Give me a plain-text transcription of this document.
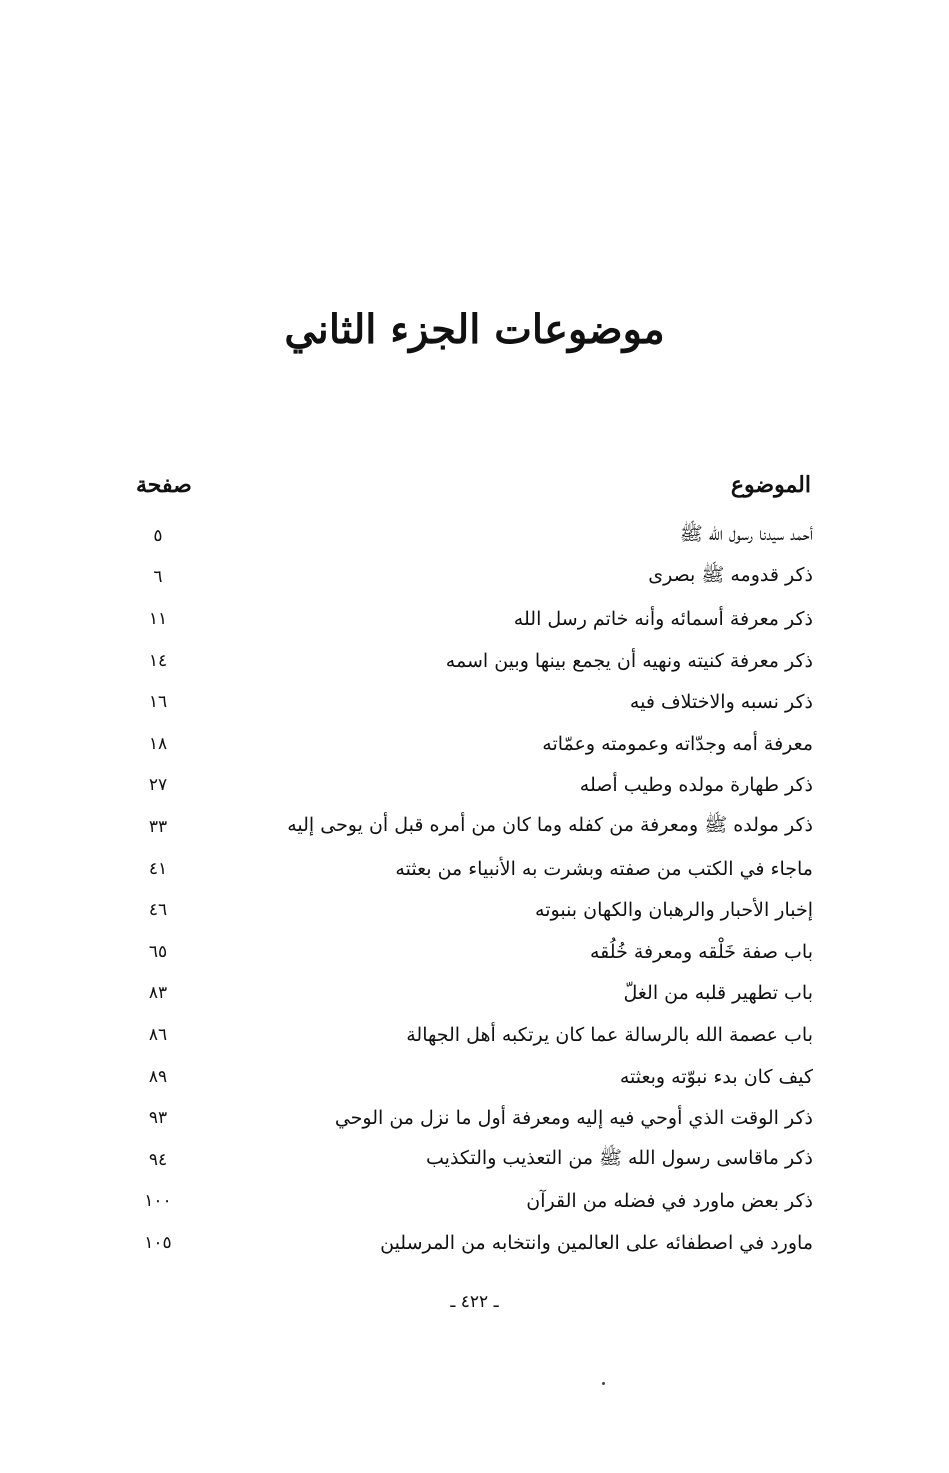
موضوعات الجزء الثاني
الموضوع
صفحة
أحمد سيدنا رسول الله ﷺ
٥
ذكر قدومه ﷺ بصرى
٦
ذكر معرفة أسمائه وأنه خاتم رسل الله
١١
ذكر معرفة كنيته ونهيه أن يجمع بينها وبين اسمه
١٤
ذكر نسبه والاختلاف فيه
١٦
معرفة أمه وجدّاته وعمومته وعمّاته
١٨
ذكر طهارة مولده وطيب أصله
٢٧
ذكر مولده ﷺ ومعرفة من كفله وما كان من أمره قبل أن يوحى إليه
٣٣
ماجاء في الكتب من صفته وبشرت به الأنبياء من بعثته
٤١
إخبار الأحبار والرهبان والكهان بنبوته
٤٦
باب صفة خَلْقه ومعرفة خُلُقه
٦٥
باب تطهير قلبه من الغلّ
٨٣
باب عصمة الله بالرسالة عما كان يرتكبه أهل الجهالة
٨٦
كيف كان بدء نبوّته وبعثته
٨٩
ذكر الوقت الذي أوحي فيه إليه ومعرفة أول ما نزل من الوحي
٩٣
ذكر ماقاسى رسول الله ﷺ من التعذيب والتكذيب
٩٤
ذكر بعض ماورد في فضله من القرآن
١٠٠
ماورد في اصطفائه على العالمين وانتخابه من المرسلين
١٠٥
ـ ٤٢٢ ـ
